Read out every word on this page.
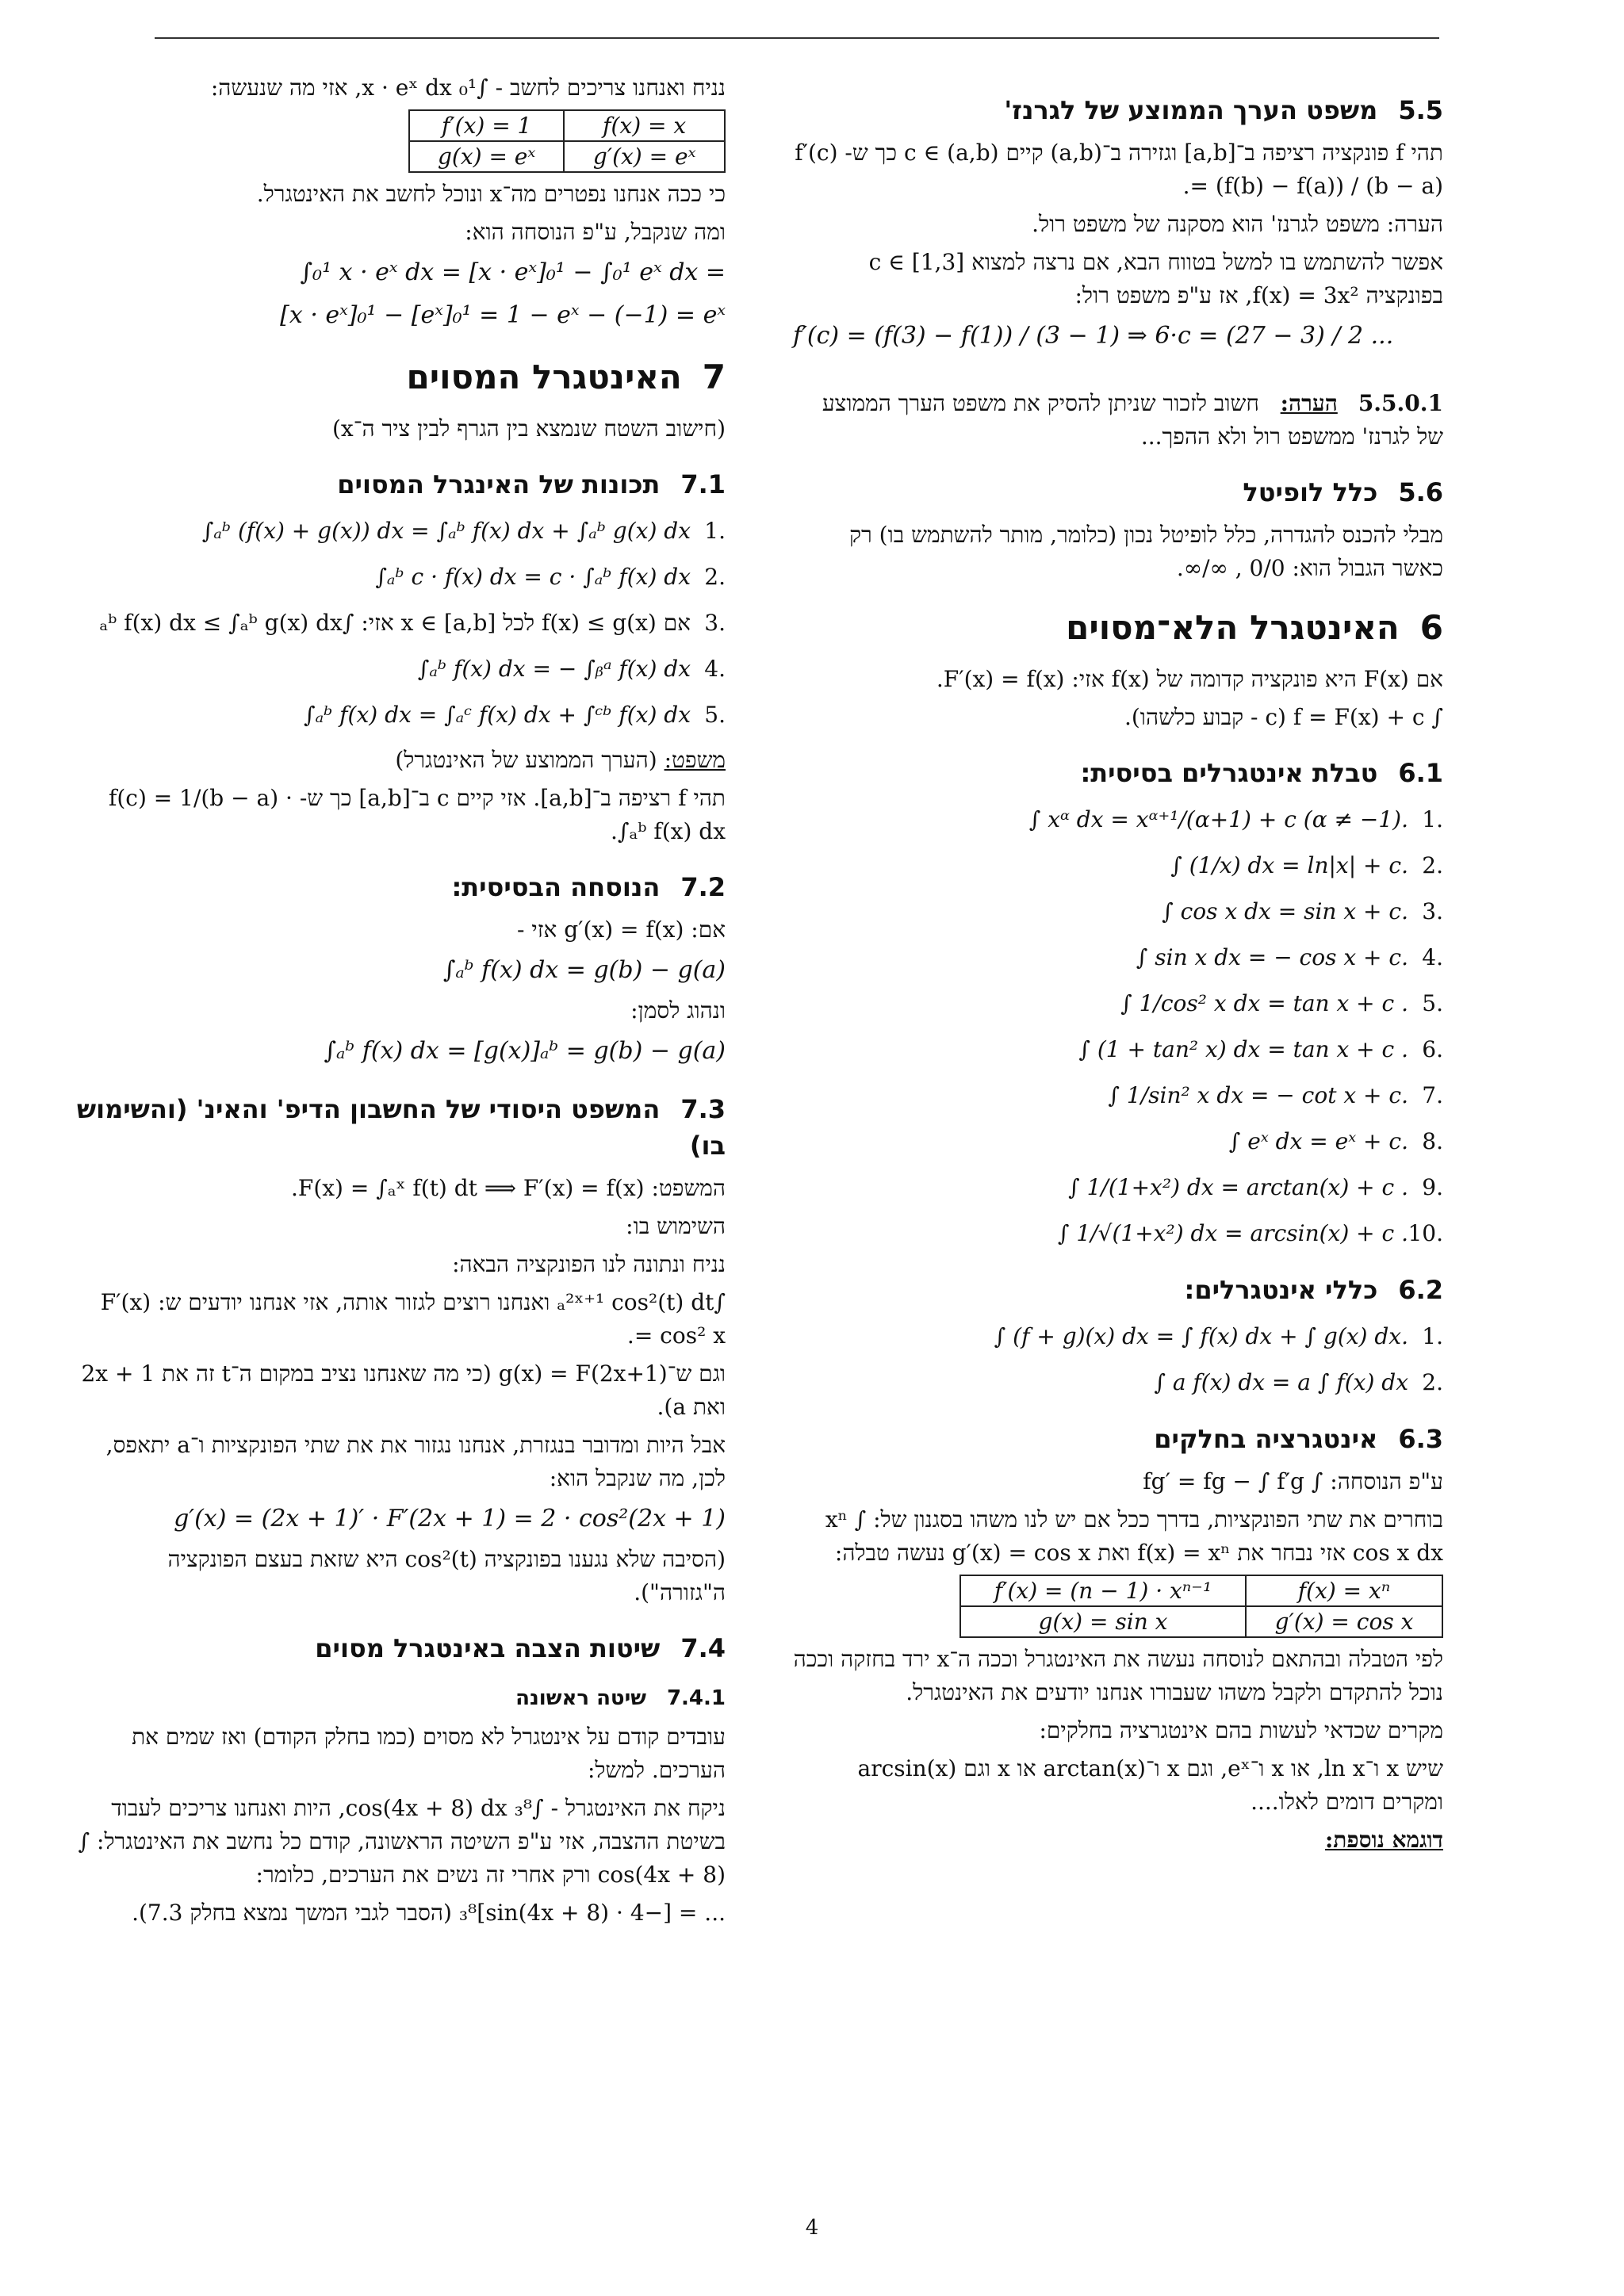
5.5משפט הערך הממוצע של לגרנז'

תהי f פונקציה רציפה ב־[a,b] וגזירה ב־(a,b) קיים c ∈ (a,b) כך ש- f′(c) = (f(b) − f(a)) / (b − a).

הערה: משפט לגרנז' הוא מסקנה של משפט רול.

אפשר להשתמש בו למשל בטווח הבא, אם נרצה למצוא c ∈ [1,3] בפונקציה f(x) = 3x², אז ע"פ משפט רול:

f′(c) = (f(3) − f(1)) / (3 − 1) ⇒ 6·c = (27 − 3) / 2 ...

5.5.0.1הערה:   חשוב לזכור שניתן להסיק את משפט הערך הממוצע של לגרנז' ממשפט רול ולא ההפך...

5.6כלל לופיטל

מבלי להכנס להגדרה, כלל לופיטל נכון (כלומר, מותר להשתמש בו) רק כאשר הגבול הוא: 0/0 , ∞/∞.

6האינטגרל הלא־מסוים

אם F(x) היא פונקציה קדומה של f(x) אזי: F′(x) = f(x).

∫ f = F(x) + c (c - קבוע כלשהו).

6.1טבלת אינטגרלים בסיסית:
.1∫ xᵅ dx = xᵅ⁺¹/(α+1) + c (α ≠ −1).
.2∫ (1/x) dx = ln|x| + c.
.3∫ cos x dx = sin x + c.
.4∫ sin x dx = − cos x + c.
.5∫ 1/cos² x dx = tan x + c .
.6∫ (1 + tan² x) dx = tan x + c .
.7∫ 1/sin² x dx = − cot x + c.
.8∫ eˣ dx = eˣ + c.
.9∫ 1/(1+x²) dx = arctan(x) + c .
.10∫ 1/√(1+x²) dx = arcsin(x) + c .
6.2כללי אינטגרלים:
.1∫ (f + g)(x) dx = ∫ f(x) dx + ∫ g(x) dx.
.2∫ a f(x) dx = a ∫ f(x) dx
6.3אינטגרציה בחלקים

ע"פ הנוסחה: ∫ fg′ = fg − ∫ f′g

בוחרים את שתי הפונקציות, בדרך ככל אם יש לנו משהו בסגנון של: ∫ xⁿ cos x dx אזי נבחר את f(x) = xⁿ ואת g′(x) = cos x נעשה טבלה:

f′(x) = (n − 1) · xⁿ⁻¹	f(x) = xⁿ
g(x) = sin x	g′(x) = cos x

לפי הטבלה ובהתאם לנוסחה נעשה את האינטגרל וככה ה־x ירד בחזקה וככה נוכל להתקדם ולקבל משהו שעבורו אנחנו יודעים את האינטגרל.

מקרים שכדאי לעשות בהם אינטגרציה בחלקים:

שיש x ו־ln x, או x ו־eˣ, וגם x ו־arctan(x) או x וגם arcsin(x) ומקרים דומים לאלו....

דוגמא נוספת:

נניח ואנחנו צריכים לחשב - ∫₀¹ x · eˣ dx, אזי מה שנעשה:

f′(x) = 1	f(x) = x
g(x) = eˣ	g′(x) = eˣ

כי ככה אנחנו נפטרים מה־x ונוכל לחשב את האינטגרל.

ומה שנקבל, ע"פ הנוסחה הוא:

∫₀¹ x · eˣ dx = [x · eˣ]₀¹ − ∫₀¹ eˣ dx =

[x · eˣ]₀¹ − [eˣ]₀¹ = 1 − eˣ − (−1) = eˣ

7האינטגרל המסוים

(חישוב השטח שנמצא בין הגרף לבין ציר ה־x)

7.1תכונות של האינגרל המסוים
.1∫ₐᵇ (f(x) + g(x)) dx = ∫ₐᵇ f(x) dx + ∫ₐᵇ g(x) dx
.2∫ₐᵇ c · f(x) dx = c · ∫ₐᵇ f(x) dx
.3אם f(x) ≤ g(x) לכל x ∈ [a,b] אזי: ∫ₐᵇ f(x) dx ≤ ∫ₐᵇ g(x) dx
.4∫ₐᵇ f(x) dx = − ∫ᵦᵃ f(x) dx
.5∫ₐᵇ f(x) dx = ∫ₐᶜ f(x) dx + ∫ᶜᵇ f(x) dx

משפט: (הערך הממוצע של האינטגרל)

תהי f רציפה ב־[a,b]. אזי קיים c ב־[a,b] כך ש- f(c) = 1/(b − a) · ∫ₐᵇ f(x) dx.

7.2הנוסחה הבסיסית:

אם: g′(x) = f(x) אזי -

∫ₐᵇ f(x) dx = g(b) − g(a)

ונהוג לסמן:

∫ₐᵇ f(x) dx = [g(x)]ₐᵇ = g(b) − g(a)

7.3המשפט היסודי של החשבון הדיפ' והאינ' (והשימוש בו)

המשפט: F(x) = ∫ₐˣ f(t) dt ⟹ F′(x) = f(x).

השימוש בו:

נניח ונתונה לנו הפונקציה הבאה:

∫ₐ²ˣ⁺¹ cos²(t) dt ואנחנו רוצים לגזור אותה, אזי אנחנו יודעים ש: F′(x) = cos² x.

וגם ש־g(x) = F(2x+1) (כי מה שאנחנו נציב במקום ה־t זה את 2x + 1 ואת a).

אבל היות ומדובר בנגזרת, אנחנו נגזור את את שתי הפונקציות ו־a יתאפס, לכן, מה שנקבל הוא:

g′(x) = (2x + 1)′ · F′(2x + 1) = 2 · cos²(2x + 1)

(הסיבה שלא נגענו בפונקציה cos²(t) היא שזאת בעצם הפונקציה ה"גזורה").

7.4שיטות הצבה באינטגרל מסוים
7.4.1שיטה ראשונה

עובדים קודם על אינטגרל לא מסוים (כמו בחלק הקודם) ואז שמים את הערכים. למשל:

ניקח את האינטגרל - ∫₃⁸ cos(4x + 8) dx, היות ואנחנו צריכים לעבוד בשיטת ההצבה, אזי ע"פ השיטה הראשונה, קודם כל נחשב את האינטגרל: ∫ cos(4x + 8) ורק אחרי זה נשים את הערכים, כלומר:

... = [−4 · sin(4x + 8)]₃⁸ (הסבר לגבי המשך נמצא בחלק 7.3).

4
